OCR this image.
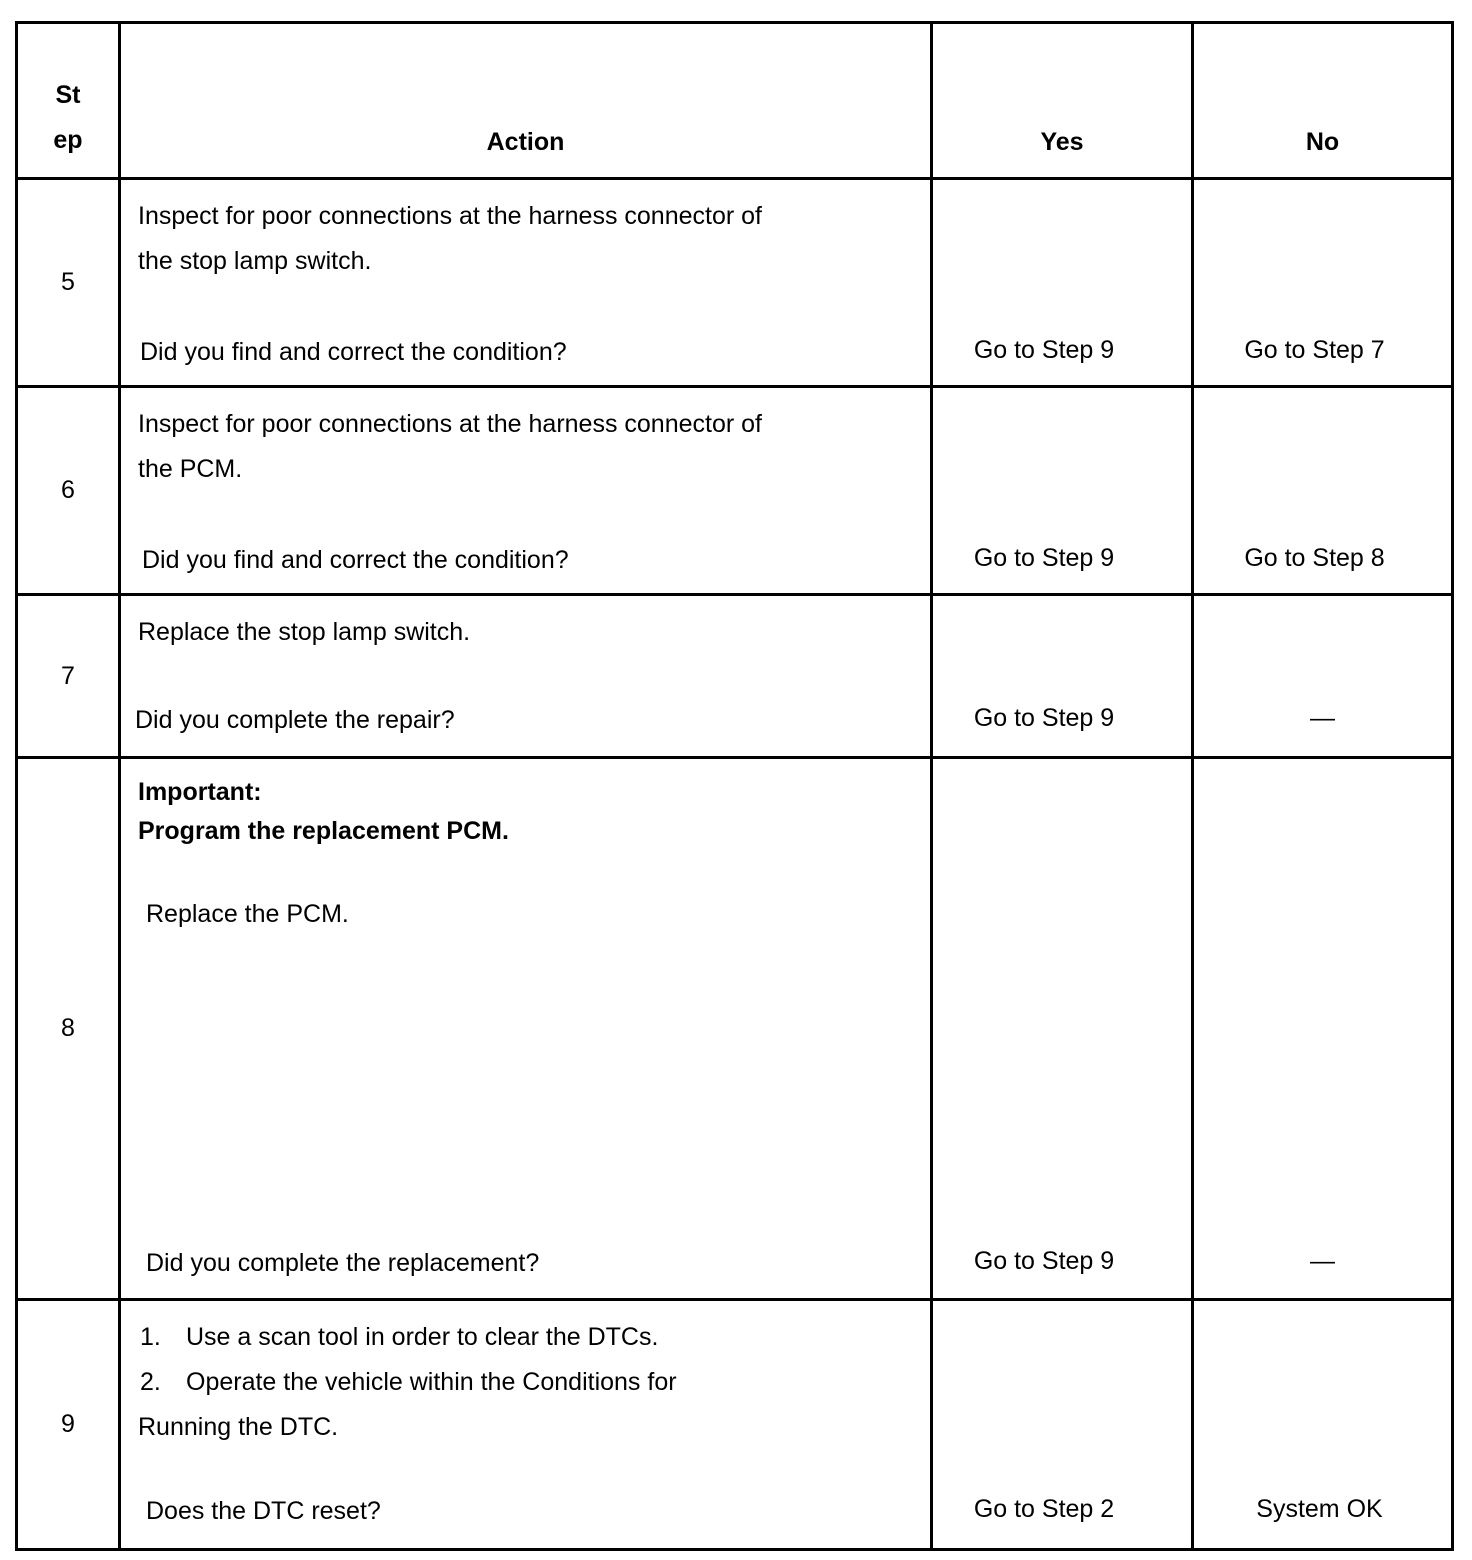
St
ep	Action	Yes	No
5	Inspect for poor connections at the harness connector of
the stop lamp switch.
Did you find and correct the condition?	Go to Step 9	Go to Step 7

6	Inspect for poor connections at the harness connector of
the PCM.
Did you find and correct the condition?	Go to Step 9	Go to Step 8

7	Replace the stop lamp switch.
Did you complete the repair?	Go to Step 9	—

8	Important:
Program the replacement PCM.
Replace the PCM.
Did you complete the replacement?	Go to Step 9	—

9	1. Use a scan tool in order to clear the DTCs.
2. Operate the vehicle within the Conditions for
Running the DTC.
Does the DTC reset?	Go to Step 2	System OK
